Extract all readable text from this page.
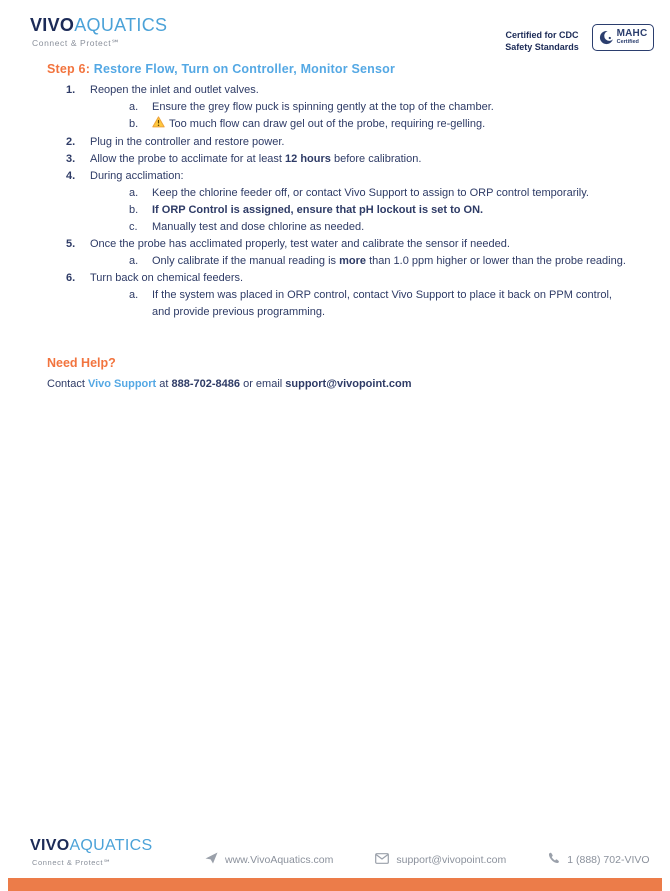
VIVOAQUATICS
Connect & Protect℠
Certified for CDC
Safety Standards
MAHC
Certified
Step 6: Restore Flow, Turn on Controller, Monitor Sensor
1.	Reopen the inlet and outlet valves.
a.	Ensure the grey flow puck is spinning gently at the top of the chamber.
b.	Too much flow can draw gel out of the probe, requiring re-gelling.
2.	Plug in the controller and restore power.
3.	Allow the probe to acclimate for at least 12 hours before calibration.
4.	During acclimation:
a.	Keep the chlorine feeder off, or contact Vivo Support to assign to ORP control temporarily.
b.	If ORP Control is assigned, ensure that pH lockout is set to ON.
c.	Manually test and dose chlorine as needed.
5.	Once the probe has acclimated properly, test water and calibrate the sensor if needed.
a.	Only calibrate if the manual reading is more than 1.0 ppm higher or lower than the probe reading.
6.	Turn back on chemical feeders.
a.	If the system was placed in ORP control, contact Vivo Support to place it back on PPM control, and provide previous programming.
Need Help?

Contact Vivo Support at 888-702-8486 or email support@vivopoint.com

VIVOAQUATICS
Connect & Protect℠	www.VivoAquatics.com	support@vivopoint.com	1 (888) 702-VIVO
